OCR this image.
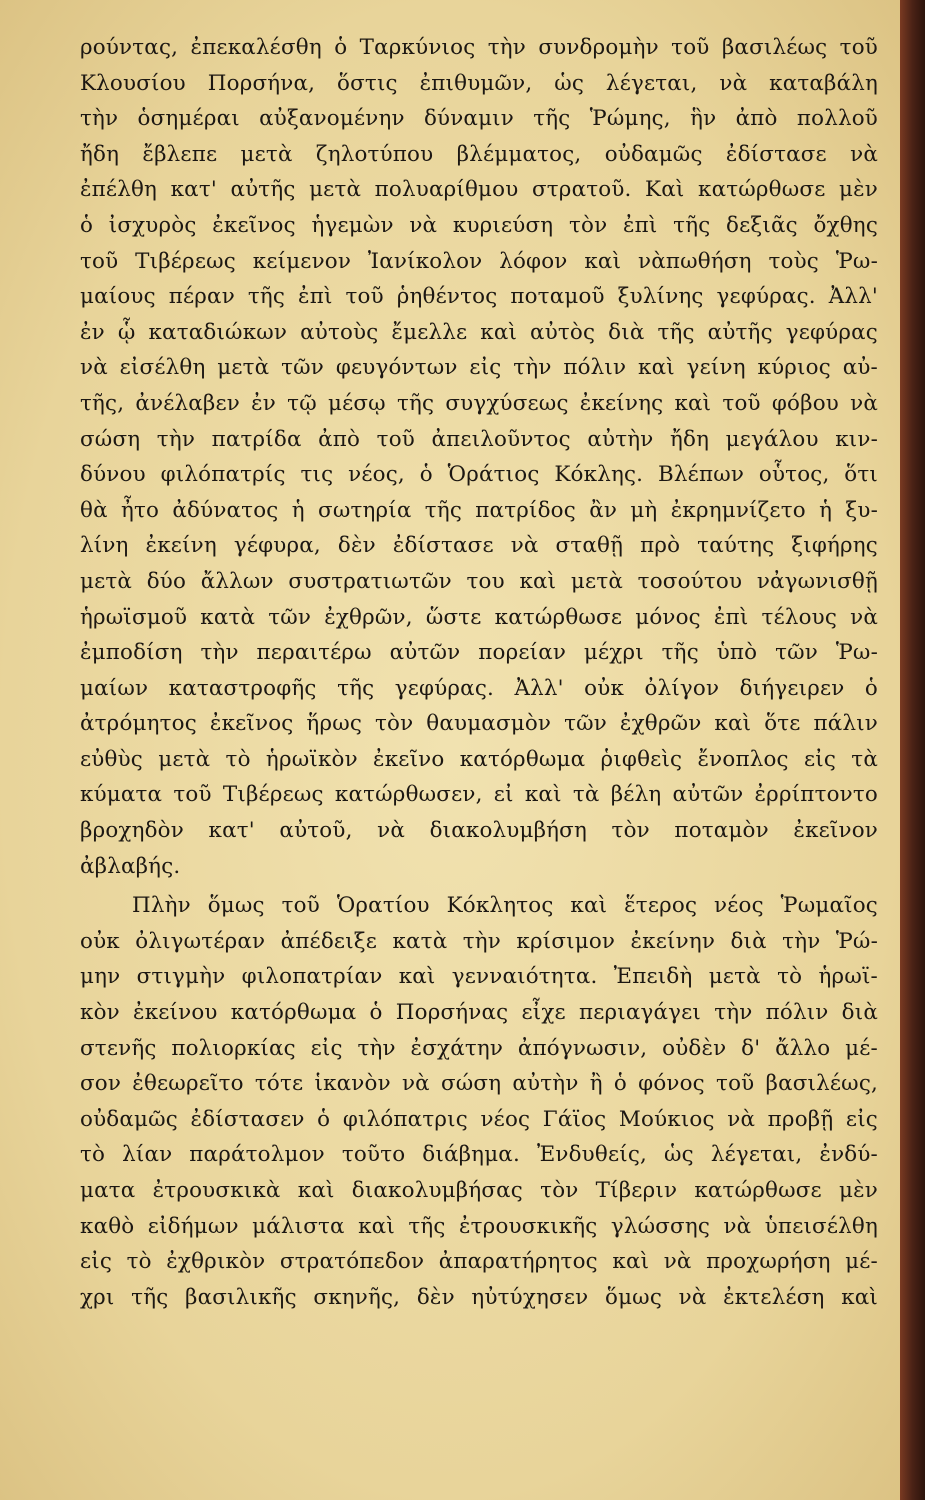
ρούντας, ἐπεκαλέσθη ὁ Ταρκύνιος τὴν συνδρομὴν τοῦ βασιλέως τοῦ
Κλουσίου Πορσήνα, ὅστις ἐπιθυμῶν, ὡς λέγεται, νὰ καταβάλη
τὴν ὁσημέραι αὐξανομένην δύναμιν τῆς Ῥώμης, ἣν ἀπὸ πολλοῦ
ἤδη ἔβλεπε μετὰ ζηλοτύπου βλέμματος, οὐδαμῶς ἐδίστασε νὰ
ἐπέλθη κατ' αὐτῆς μετὰ πολυαρίθμου στρατοῦ. Καὶ κατώρθωσε μὲν
ὁ ἰσχυρὸς ἐκεῖνος ἡγεμὼν νὰ κυριεύση τὸν ἐπὶ τῆς δεξιᾶς ὄχθης
τοῦ Τιβέρεως κείμενον Ἰανίκολον λόφον καὶ νὰπωθήση τοὺς Ῥω-
μαίους πέραν τῆς ἐπὶ τοῦ ῥηθέντος ποταμοῦ ξυλίνης γεφύρας. Ἀλλ'
ἐν ᾧ καταδιώκων αὐτοὺς ἔμελλε καὶ αὐτὸς διὰ τῆς αὐτῆς γεφύρας
νὰ εἰσέλθη μετὰ τῶν φευγόντων εἰς τὴν πόλιν καὶ γείνη κύριος αὐ-
τῆς, ἀνέλαβεν ἐν τῷ μέσῳ τῆς συγχύσεως ἐκείνης καὶ τοῦ φόβου νὰ
σώση τὴν πατρίδα ἀπὸ τοῦ ἀπειλοῦντος αὐτὴν ἤδη μεγάλου κιν-
δύνου φιλόπατρίς τις νέος, ὁ Ὁράτιος Κόκλης. Βλέπων οὗτος, ὅτι
θὰ ἦτο ἀδύνατος ἡ σωτηρία τῆς πατρίδος ἂν μὴ ἐκρημνίζετο ἡ ξυ-
λίνη ἐκείνη γέφυρα, δὲν ἐδίστασε νὰ σταθῇ πρὸ ταύτης ξιφήρης
μετὰ δύο ἄλλων συστρατιωτῶν του καὶ μετὰ τοσούτου νἀγωνισθῇ
ἡρωϊσμοῦ κατὰ τῶν ἐχθρῶν, ὥστε κατώρθωσε μόνος ἐπὶ τέλους νὰ
ἐμποδίση τὴν περαιτέρω αὐτῶν πορείαν μέχρι τῆς ὑπὸ τῶν Ῥω-
μαίων καταστροφῆς τῆς γεφύρας. Ἀλλ' οὐκ ὀλίγον διήγειρεν ὁ
ἀτρόμητος ἐκεῖνος ἥρως τὸν θαυμασμὸν τῶν ἐχθρῶν καὶ ὅτε πάλιν
εὐθὺς μετὰ τὸ ἡρωϊκὸν ἐκεῖνο κατόρθωμα ῥιφθεὶς ἔνοπλος εἰς τὰ
κύματα τοῦ Τιβέρεως κατώρθωσεν, εἰ καὶ τὰ βέλη αὐτῶν ἐρρίπτοντο
βροχηδὸν κατ' αὐτοῦ, νὰ διακολυμβήση τὸν ποταμὸν ἐκεῖνον
ἀβλαβής.
Πλὴν ὅμως τοῦ Ὁρατίου Κόκλητος καὶ ἕτερος νέος Ῥωμαῖος
οὐκ ὀλιγωτέραν ἀπέδειξε κατὰ τὴν κρίσιμον ἐκείνην διὰ τὴν Ῥώ-
μην στιγμὴν φιλοπατρίαν καὶ γενναιότητα. Ἐπειδὴ μετὰ τὸ ἡρωϊ-
κὸν ἐκείνου κατόρθωμα ὁ Πορσήνας εἶχε περιαγάγει τὴν πόλιν διὰ
στενῆς πολιορκίας εἰς τὴν ἐσχάτην ἀπόγνωσιν, οὐδὲν δ' ἄλλο μέ-
σον ἐθεωρεῖτο τότε ἱκανὸν νὰ σώση αὐτὴν ἢ ὁ φόνος τοῦ βασιλέως,
οὐδαμῶς ἐδίστασεν ὁ φιλόπατρις νέος Γάϊος Μούκιος νὰ προβῇ εἰς
τὸ λίαν παράτολμον τοῦτο διάβημα. Ἐνδυθείς, ὡς λέγεται, ἐνδύ-
ματα ἐτρουσκικὰ καὶ διακολυμβήσας τὸν Τίβεριν κατώρθωσε μὲν
καθὸ εἰδήμων μάλιστα καὶ τῆς ἐτρουσκικῆς γλώσσης νὰ ὑπεισέλθη
εἰς τὸ ἐχθρικὸν στρατόπεδον ἀπαρατήρητος καὶ νὰ προχωρήση μέ-
χρι τῆς βασιλικῆς σκηνῆς, δὲν ηὐτύχησεν ὅμως νὰ ἐκτελέση καὶ
